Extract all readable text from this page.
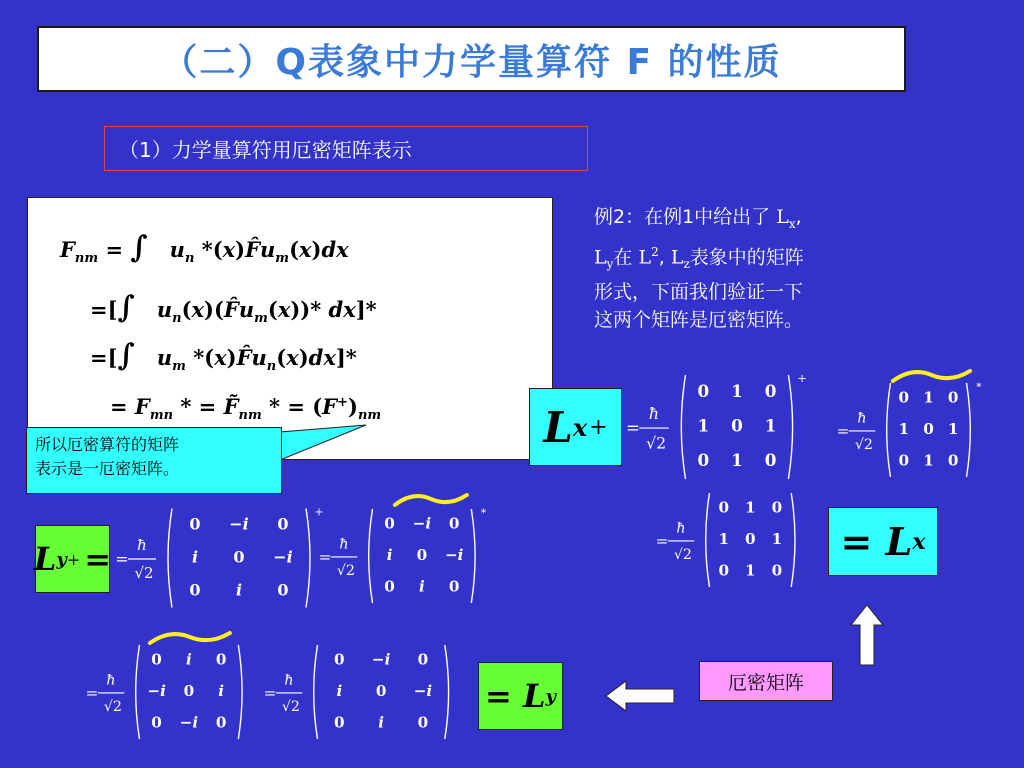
（二）Q表象中力学量算符 F 的性质
（1）力学量算符用厄密矩阵表示
$F_{nm}$ = ∫   $u_n$ $*(x)F̂u_m(x)dx$
=[∫   $u_n(x)(F̂u_m(x))*$ dx]*
=[∫   $u_m$ $*(x)F̂u_n(x)dx]*$
= $F_{mn}$ * = $F̃_{nm}$ * = $(F^+)_{nm}$
所以厄密算符的矩阵
表示是一厄密矩阵。
例2：在例1中给出了 $L_x$,
$L_y$在 $L^2$, $L_z$表象中的矩阵
形式，下面我们验证一下
这两个矩阵是厄密矩阵。
L x +
L y + =	= L x
= L y
厄密矩阵
=
ħ
√2
0 1 0
1 0 1
0 1 0
+
=
ħ
√2
0 1 0
1 0 1
0 1 0
*
=
ħ
√2
0 1 0
1 0 1
0 1 0
=
ħ
√2
0 −i 0
i 0 −i
0 i 0
+
=
ħ
√2
0 −i 0
i 0 −i
0 i 0
*
=
ħ
√2
0 i 0
−i 0 i
0 −i 0
=
ħ
√2
0 −i 0
i 0 −i
0 i 0
